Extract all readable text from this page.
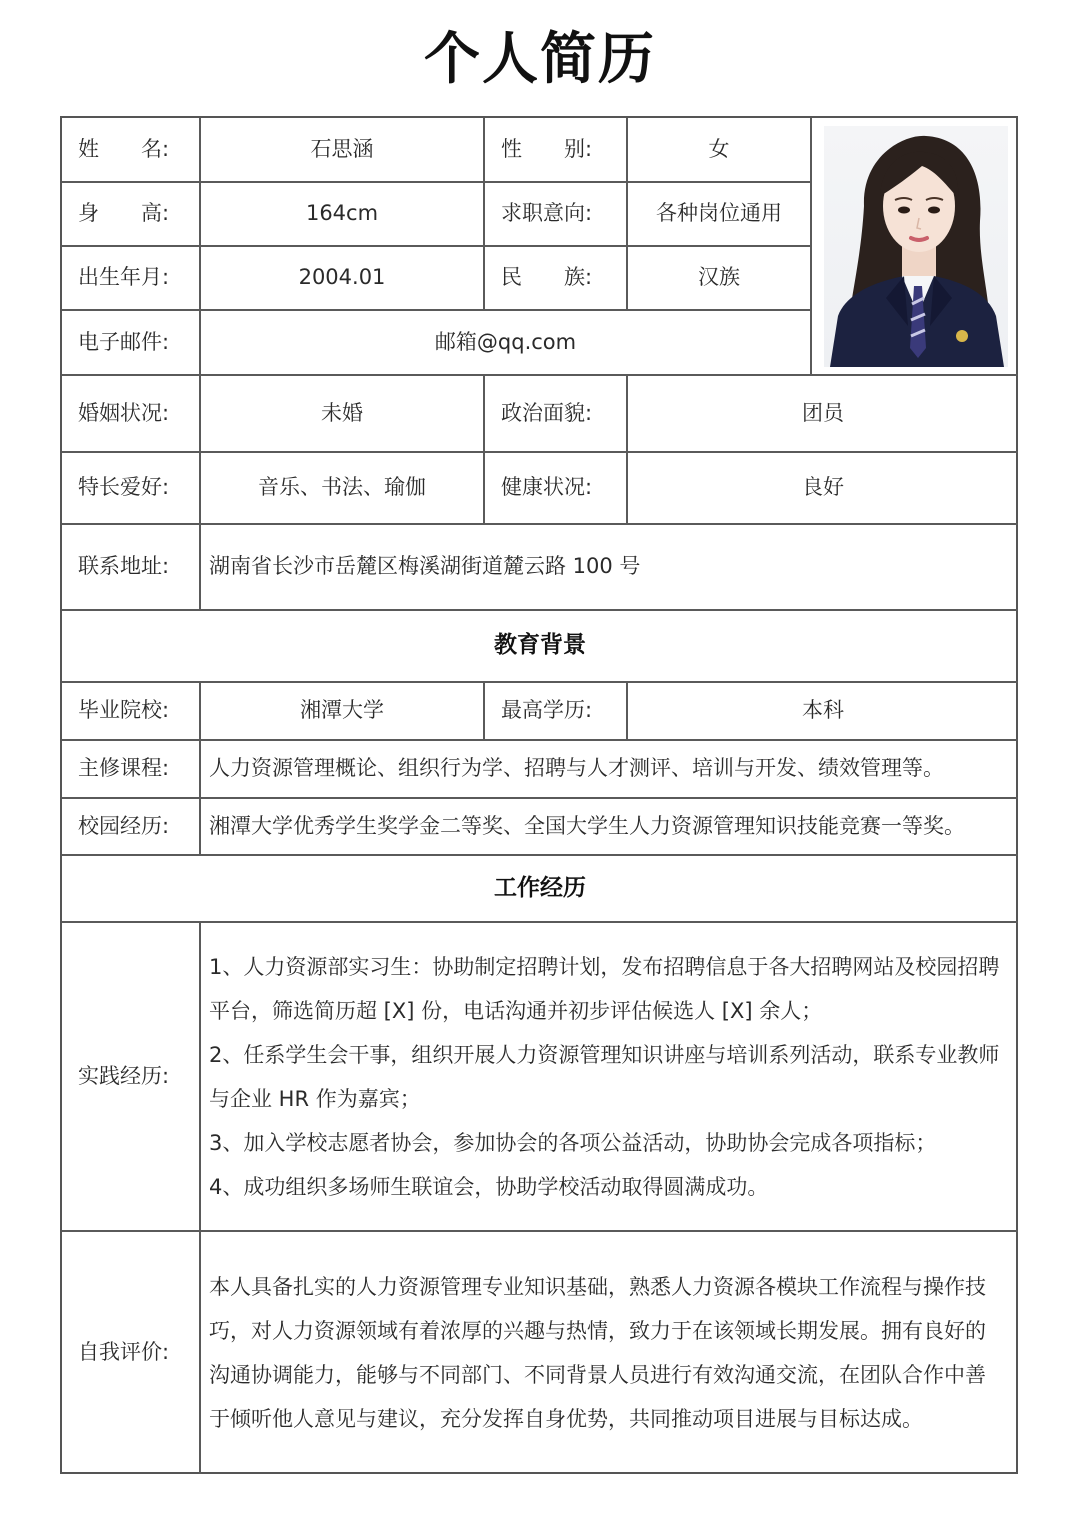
个人简历
姓　　名:	石思涵	性　　别:	女
身　　高:	164cm	求职意向:	各种岗位通用
出生年月:	2004.01	民　　族:	汉族
电子邮件:	邮箱@qq.com
婚姻状况:	未婚	政治面貌:	团员
特长爱好:	音乐、书法、瑜伽	健康状况:	良好
联系地址:	湖南省长沙市岳麓区梅溪湖街道麓云路 100 号
教育背景
毕业院校:	湘潭大学	最高学历:	本科
主修课程:	人力资源管理概论、组织行为学、招聘与人才测评、培训与开发、绩效管理等。
校园经历:	湘潭大学优秀学生奖学金二等奖、全国大学生人力资源管理知识技能竞赛一等奖。
工作经历
实践经历:
1、人力资源部实习生：协助制定招聘计划，发布招聘信息于各大招聘网站及校园招聘
平台，筛选简历超 [X] 份，电话沟通并初步评估候选人 [X] 余人；
2、任系学生会干事，组织开展人力资源管理知识讲座与培训系列活动，联系专业教师
与企业 HR 作为嘉宾；
3、加入学校志愿者协会，参加协会的各项公益活动，协助协会完成各项指标；
4、成功组织多场师生联谊会，协助学校活动取得圆满成功。
自我评价:
本人具备扎实的人力资源管理专业知识基础，熟悉人力资源各模块工作流程与操作技
巧，对人力资源领域有着浓厚的兴趣与热情，致力于在该领域长期发展。拥有良好的
沟通协调能力，能够与不同部门、不同背景人员进行有效沟通交流，在团队合作中善
于倾听他人意见与建议，充分发挥自身优势，共同推动项目进展与目标达成。
